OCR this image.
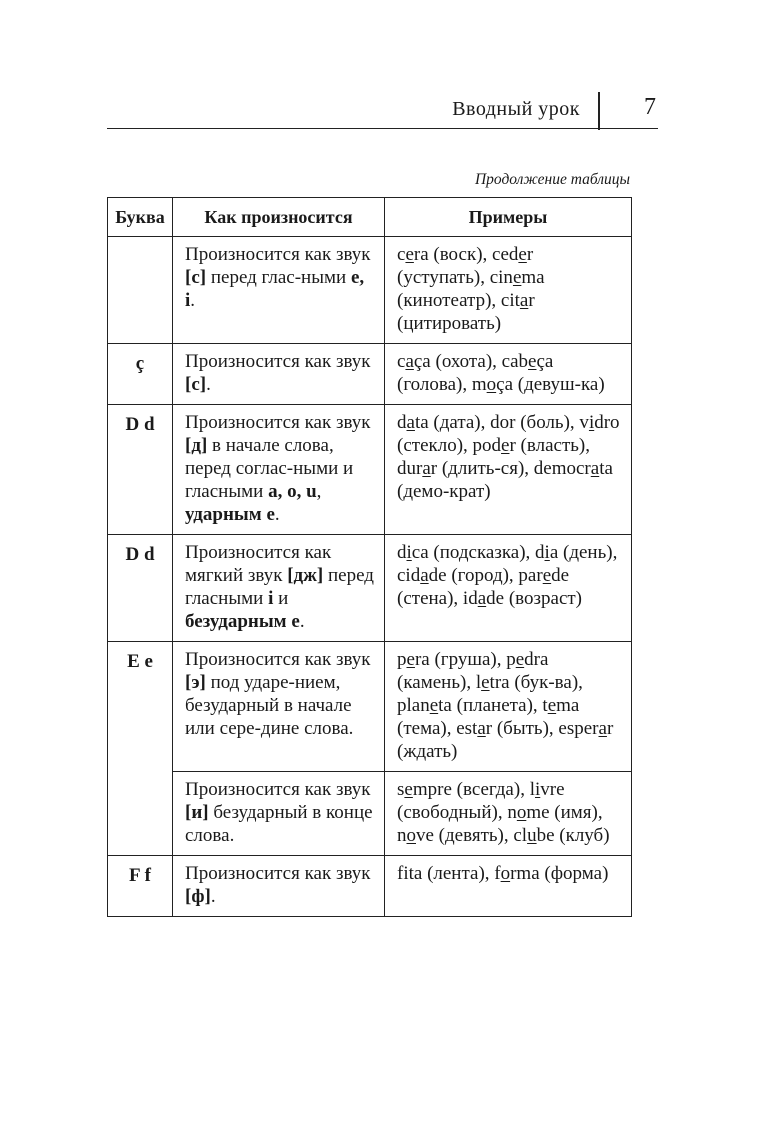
Вводный урок	7
Продолжение таблицы
Буква	Как произносится	Примеры
	Произносится как звук [с] перед глас-ными e, i.	cera (воск), ceder (уступать), cinema (кинотеатр), citar (цитировать)
ç	Произносится как звук [с].	caça (охота), cabeça (голова), moça (девуш-ка)
D d	Произносится как звук [д] в начале слова, перед соглас-ными и гласными a, o, u, ударным e.	data (дата), dor (боль), vidro (стекло), poder (власть), durar (длить-ся), democrata (демо-крат)
D d	Произносится как мягкий звук [дж] перед гласными i и безударным e.	dica (подсказка), dia (день), cidade (город), parede (стена), idade (возраст)
E e	Произносится как звук [э] под ударе-нием, безударный в начале или сере-дине слова.	pera (груша), pedra (камень), letra (бук-ва), planeta (планета), tema (тема), estar (быть), esperar (ждать)
	Произносится как звук [и] безударный в конце слова.	sempre (всегда), livre (свободный), nome (имя), nove (девять), clube (клуб)
F f	Произносится как звук [ф].	fita (лента), forma (форма)
